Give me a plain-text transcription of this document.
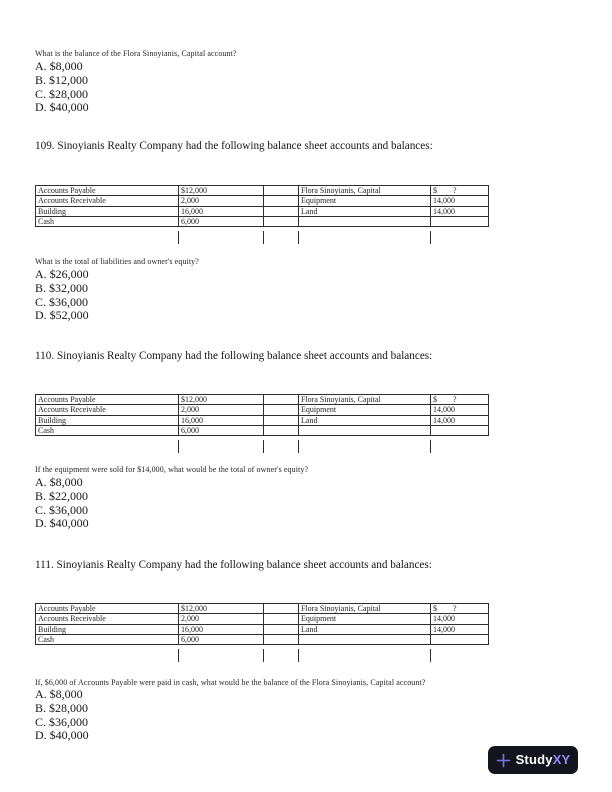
What is the balance of the Flora Sinoyianis, Capital account?
A. $8,000
B. $12,000
C. $28,000
D. $40,000
109. Sinoyianis Realty Company had the following balance sheet accounts and balances:
Accounts Payable	$12,000		Flora Sinoyianis, Capital	$        ?
Accounts Receivable	2,000		Equipment	14,000
Building	16,000		Land	14,000
Cash	6,000			
What is the total of liabilities and owner's equity?
A. $26,000
B. $32,000
C. $36,000
D. $52,000
110. Sinoyianis Realty Company had the following balance sheet accounts and balances:
Accounts Payable	$12,000		Flora Sinoyianis, Capital	$        ?
Accounts Receivable	2,000		Equipment	14,000
Building	16,000		Land	14,000
Cash	6,000			
If the equipment were sold for $14,000, what would be the total of owner's equity?
A. $8,000
B. $22,000
C. $36,000
D. $40,000
111. Sinoyianis Realty Company had the following balance sheet accounts and balances:
Accounts Payable	$12,000		Flora Sinoyianis, Capital	$        ?
Accounts Receivable	2,000		Equipment	14,000
Building	16,000		Land	14,000
Cash	6,000			
If, $6,000 of Accounts Payable were paid in cash, what would be the balance of the Flora Sinoyianis, Capital account?
A. $8,000
B. $28,000
C. $36,000
D. $40,000
StudyXY
